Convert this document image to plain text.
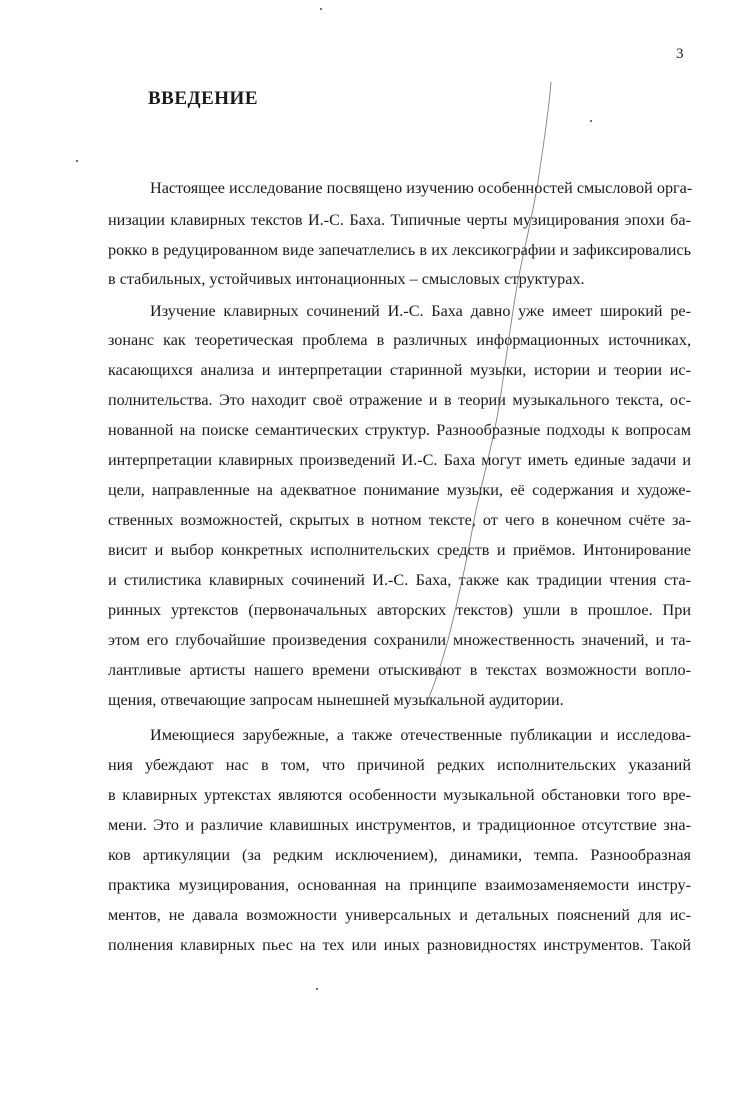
3
ВВЕДЕНИЕ
Настоящее исследование посвящено изучению особенностей смысловой орга-
низации клавирных текстов И.-С. Баха. Типичные черты музицирования эпохи ба-
рокко в редуцированном виде запечатлелись в их лексикографии и зафиксировались
в стабильных, устойчивых интонационных – смысловых структурах.
Изучение клавирных сочинений И.-С. Баха давно уже имеет широкий ре-
зонанс как теоретическая проблема в различных информационных источниках,
касающихся анализа и интерпретации старинной музыки, истории и теории ис-
полнительства. Это находит своё отражение и в теории музыкального текста, ос-
нованной на поиске семантических структур. Разнообразные подходы к вопросам
интерпретации клавирных произведений И.-С. Баха могут иметь единые задачи и
цели, направленные на адекватное понимание музыки, её содержания и художе-
ственных возможностей, скрытых в нотном тексте, от чего в конечном счёте за-
висит и выбор конкретных исполнительских средств и приёмов. Интонирование
и стилистика клавирных сочинений И.-С. Баха, также как традиции чтения ста-
ринных уртекстов (первоначальных авторских текстов) ушли в прошлое. При
этом его глубочайшие произведения сохранили множественность значений, и та-
лантливые артисты нашего времени отыскивают в текстах возможности вопло-
щения, отвечающие запросам нынешней музыкальной аудитории.
Имеющиеся зарубежные, а также отечественные публикации и исследова-
ния убеждают нас в том, что причиной редких исполнительских указаний
в клавирных уртекстах являются особенности музыкальной обстановки того вре-
мени. Это и различие клавишных инструментов, и традиционное отсутствие зна-
ков артикуляции (за редким исключением), динамики, темпа. Разнообразная
практика музицирования, основанная на принципе взаимозаменяемости инстру-
ментов, не давала возможности универсальных и детальных пояснений для ис-
полнения клавирных пьес на тех или иных разновидностях инструментов. Такой
